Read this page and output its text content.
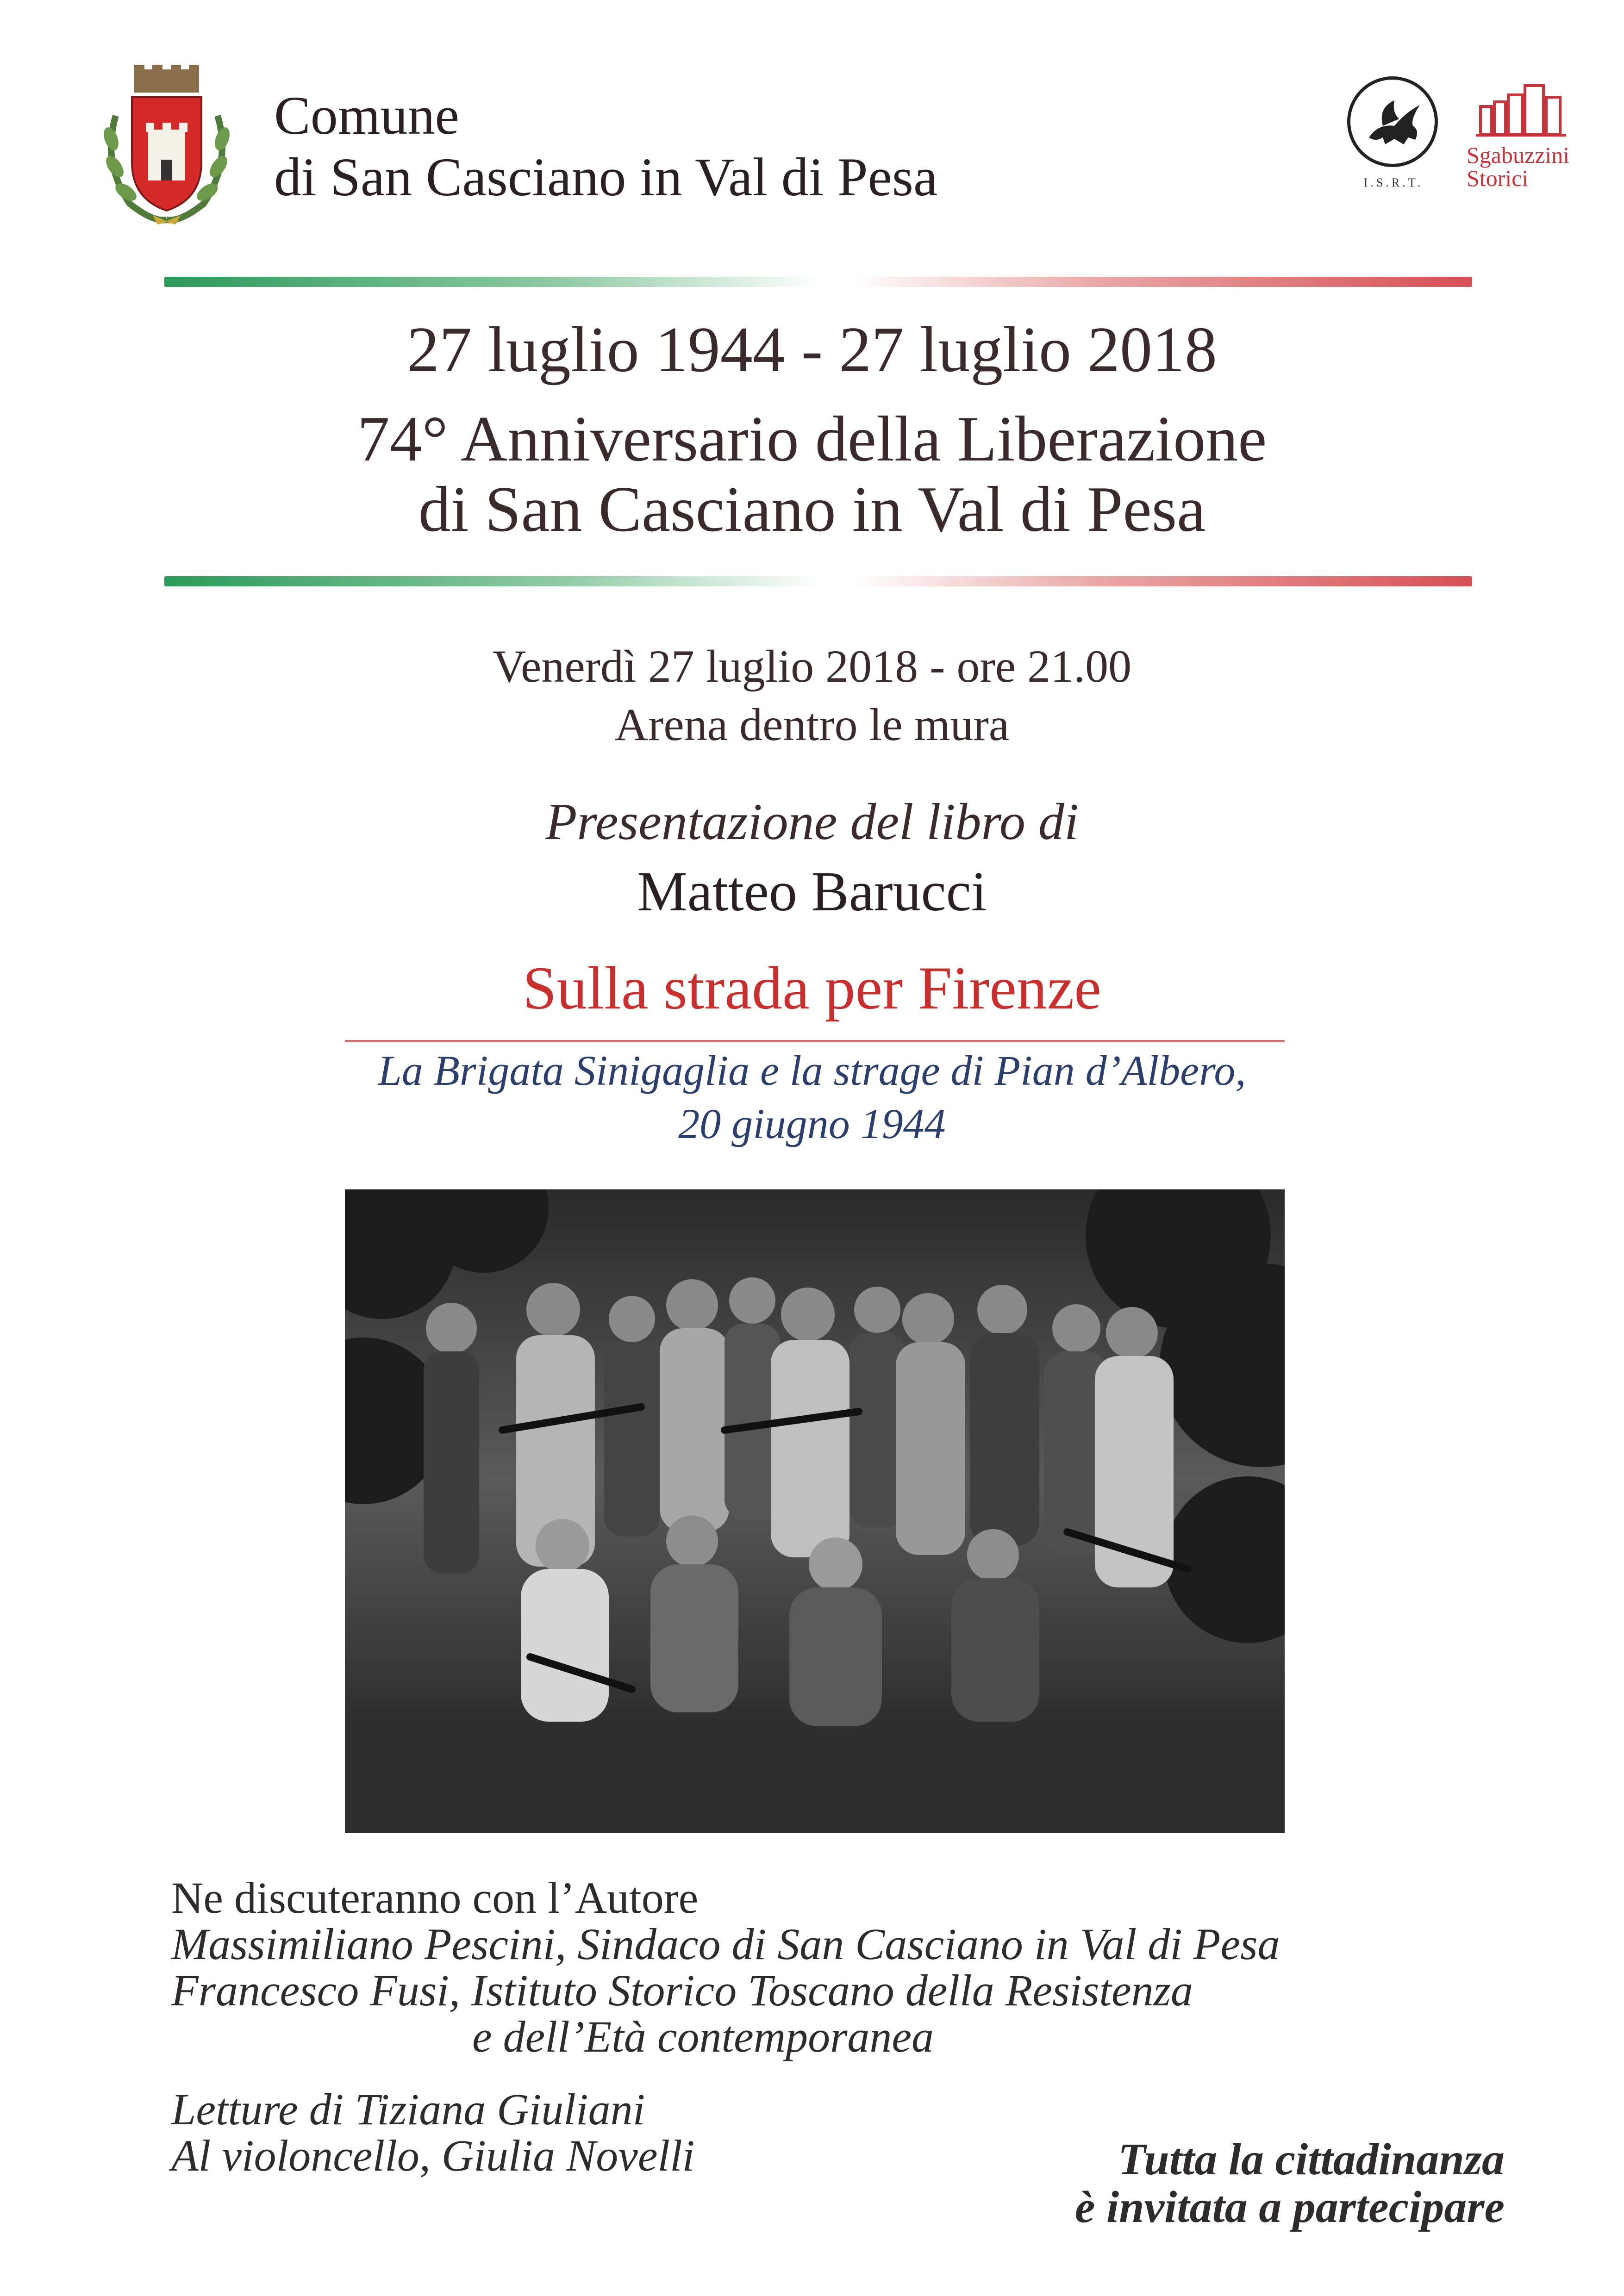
Comune
di San Casciano in Val di Pesa	I.S.R.T.
Sgabuzzini
Storici
27 luglio 1944 - 27 luglio 2018
74° Anniversario della Liberazione
di San Casciano in Val di Pesa
Venerdì 27 luglio 2018 - ore 21.00
Arena dentro le mura
Presentazione del libro di
Matteo Barucci
Sulla strada per Firenze
La Brigata Sinigaglia e la strage di Pian d’Albero,
20 giugno 1944
Ne discuteranno con l’Autore
Massimiliano Pescini, Sindaco di San Casciano in Val di Pesa
Francesco Fusi, Istituto Storico Toscano della Resistenza
e dell’Età contemporanea
Letture di Tiziana Giuliani
Al violoncello, Giulia Novelli	Tutta la cittadinanza
è invitata a partecipare
